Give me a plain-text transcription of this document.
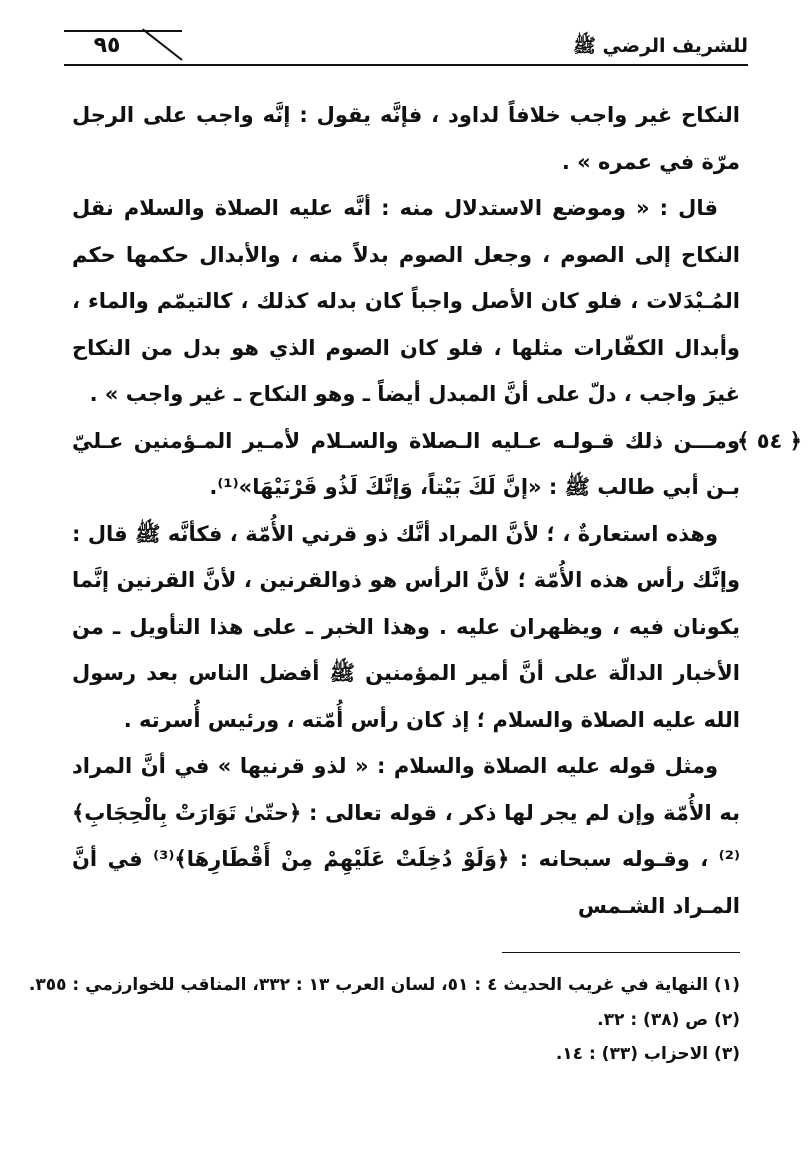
٩٥	للشريف الرضي ﷺ

النكاح غير واجب خلافاً لداود ، فإنَّه يقول : إنَّه واجب على الرجل مرّة في عمره » .

قال : « وموضع الاستدلال منه : أنَّه عليه الصلاة والسلام نقل النكاح إلى الصوم ، وجعل الصوم بدلاً منه ، والأبدال حكمها حكم المُـبْدَلات ، فلو كان الأصل واجباً كان بدله كذلك ، كالتيمّم والماء ، وأبدال الكفّارات مثلها ، فلو كان الصوم الذي هو بدل من النكاح غيرَ واجب ، دلّ على أنَّ المبدل أيضاً ـ وهو النكاح ـ غير واجب » .

﴿ ٥٤ ﴾
ومـــن ذلك قـولـه عـليه الـصلاة والسـلام لأمـير المـؤمنين عـليّ بـن أبي طالب ﷺ : «إنَّ لَكَ بَيْتاً، وَإنَّكَ لَذُو قَرْنَيْهَا»⁽¹⁾.

وهذه استعارةٌ ، ؛ لأنَّ المراد أنَّك ذو قرني الأُمّة ، فكأنَّه ﷺ قال : وإنَّك رأس هذه الأُمّة ؛ لأنَّ الرأس هو ذوالقرنين ، لأنَّ القرنين إنَّما يكونان فيه ، ويظهران عليه . وهذا الخبر ـ على هذا التأويل ـ من الأخبار الدالّة على أنَّ أمير المؤمنين ﷺ أفضل الناس بعد رسول الله عليه الصلاة والسلام ؛ إذ كان رأس أُمّته ، ورئيس أُسرته .

ومثل قوله عليه الصلاة والسلام : « لذو قرنيها » في أنَّ المراد به الأُمّة وإن لم يجر لها ذكر ، قوله تعالى : ﴿حتّىٰ تَوَارَتْ بِالْحِجَابِ﴾⁽²⁾ ، وقـوله سبحانه : ﴿وَلَوْ دُخِلَتْ عَلَيْهِمْ مِنْ أَقْطَارِهَا﴾⁽³⁾ في أنَّ المـراد الشـمس

(١) النهاية في غريب الحديث ٤ : ٥١، لسان العرب ١٣ : ٣٣٢، المناقب للخوارزمي : ٣٥٥.
(٢) ص (٣٨) : ٣٢.
(٣) الاحزاب (٣٣) : ١٤.
